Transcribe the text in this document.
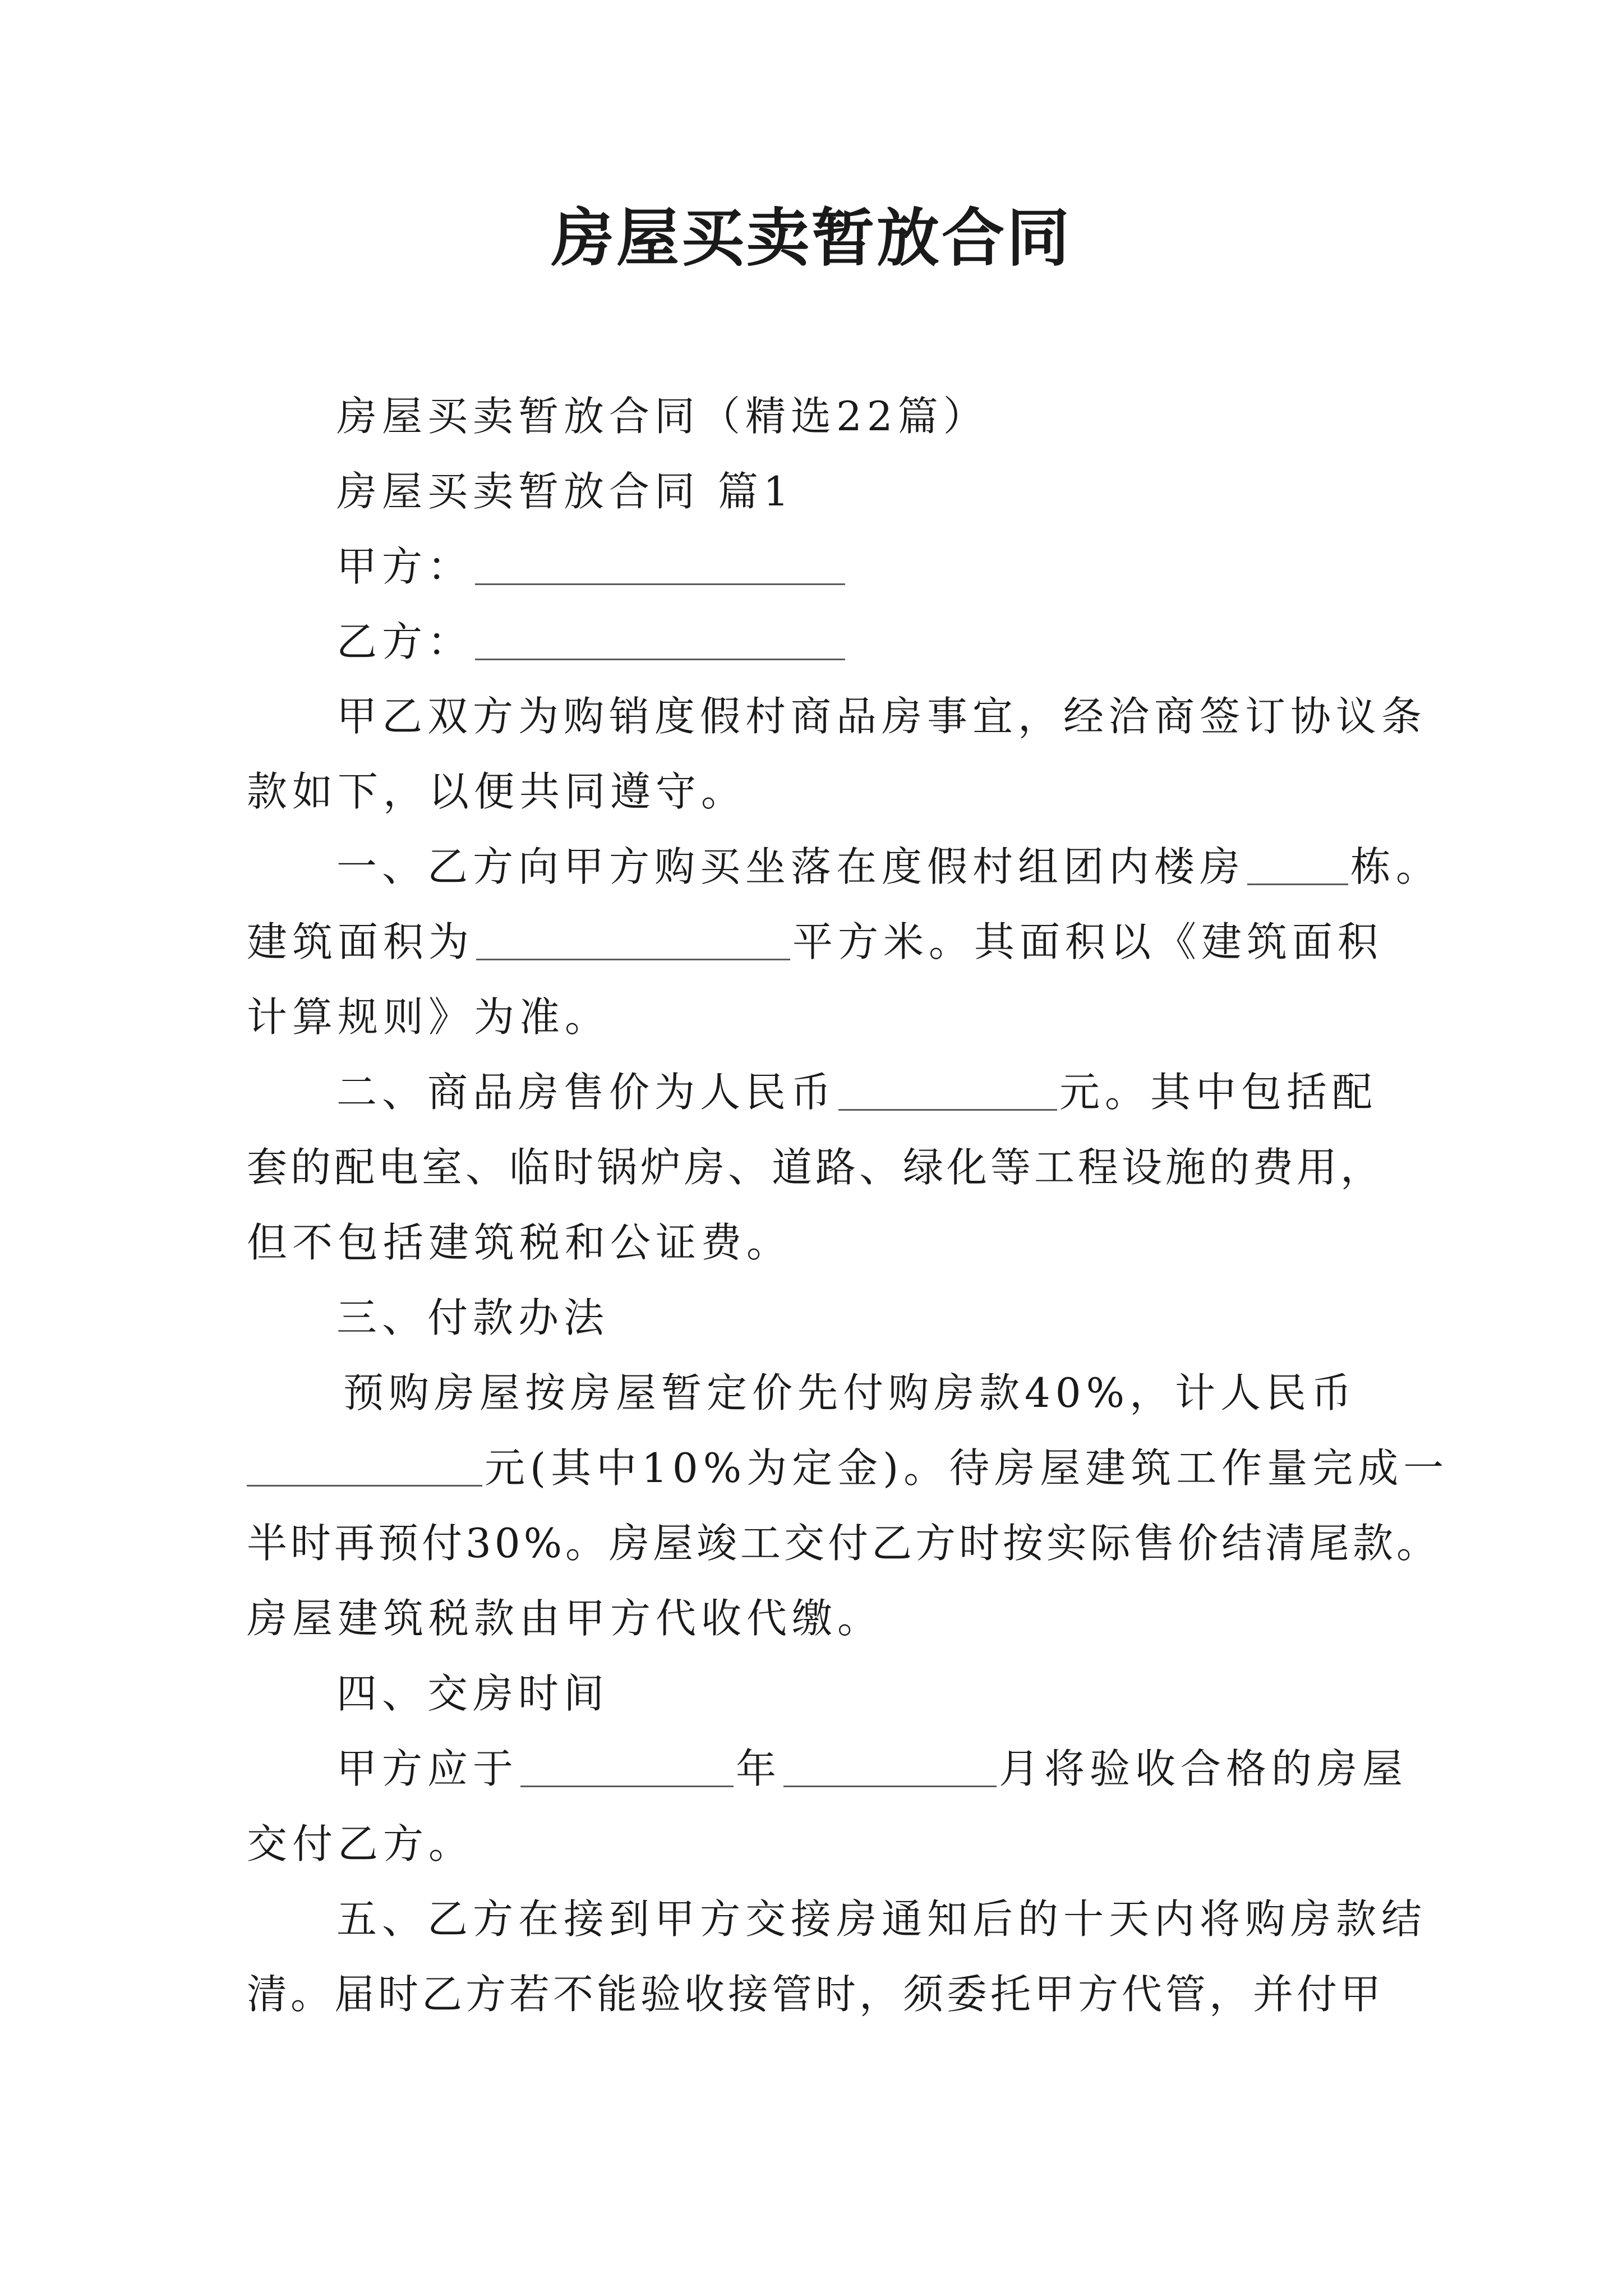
房屋买卖暂放合同
房屋买卖暂放合同（精选22篇）
房屋买卖暂放合同 篇1
甲方：
乙方：
甲乙双方为购销度假村商品房事宜，经洽商签订协议条
款如下，以便共同遵守。
一、乙方向甲方购买坐落在度假村组团内楼房	栋。
建筑面积为	平方米。其面积以《建筑面积
计算规则》为准。
二、商品房售价为人民币	元。其中包括配
套的配电室、临时锅炉房、道路、绿化等工程设施的费用，
但不包括建筑税和公证费。
三、付款办法
预购房屋按房屋暂定价先付购房款40%，计人民币
元(其中10%为定金)。待房屋建筑工作量完成一
半时再预付30%。房屋竣工交付乙方时按实际售价结清尾款。
房屋建筑税款由甲方代收代缴。
四、交房时间
甲方应于	年	月将验收合格的房屋
交付乙方。
五、乙方在接到甲方交接房通知后的十天内将购房款结
清。届时乙方若不能验收接管时，须委托甲方代管，并付甲
